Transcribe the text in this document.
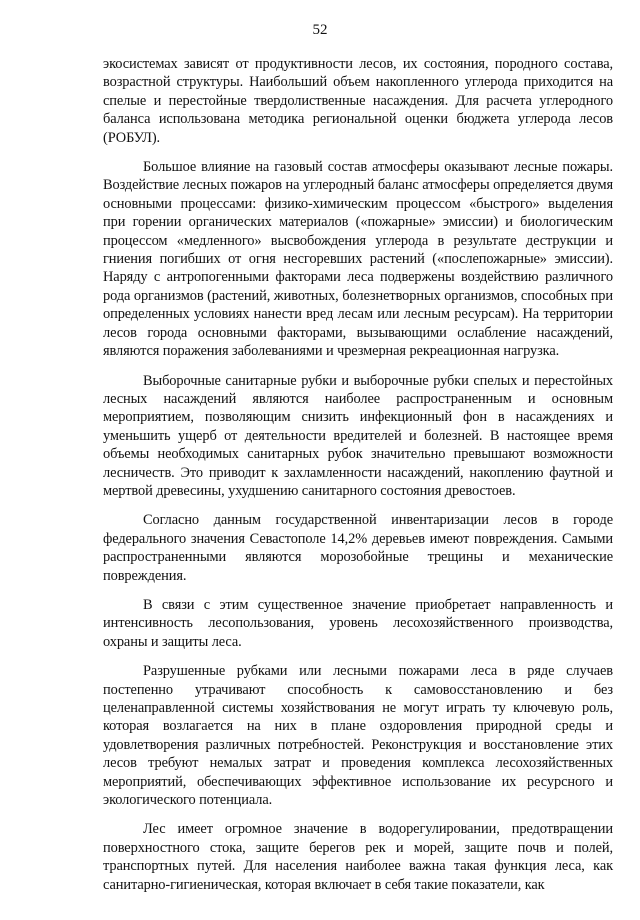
52

экосистемах зависят от продуктивности лесов, их состояния, породного состава, возрастной структуры. Наибольший объем накопленного углерода приходится на спелые и перестойные твердолиственные насаждения. Для расчета углеродного баланса использована методика региональной оценки бюджета углерода лесов (РОБУЛ).

Большое влияние на газовый состав атмосферы оказывают лесные пожары. Воздействие лесных пожаров на углеродный баланс атмосферы определяется двумя основными процессами: физико-химическим процессом «быстрого» выделения при горении органических материалов («пожарные» эмиссии) и биологическим процессом «медленного» высвобождения углерода в результате деструкции и гниения погибших от огня несгоревших растений («послепожарные» эмиссии). Наряду с антропогенными факторами леса подвержены воздействию различного рода организмов (растений, животных, болезнетворных организмов, способных при определенных условиях нанести вред лесам или лесным ресурсам). На территории лесов города основными факторами, вызывающими ослабление насаждений, являются поражения заболеваниями и чрезмерная рекреационная нагрузка.

Выборочные санитарные рубки и выборочные рубки спелых и перестойных лесных насаждений являются наиболее распространенным и основным мероприятием, позволяющим снизить инфекционный фон в насаждениях и уменьшить ущерб от деятельности вредителей и болезней. В настоящее время объемы необходимых санитарных рубок значительно превышают возможности лесничеств. Это приводит к захламленности насаждений, накоплению фаутной и мертвой древесины, ухудшению санитарного состояния древостоев.

Согласно данным государственной инвентаризации лесов в городе федерального значения Севастополе 14,2% деревьев имеют повреждения. Самыми распространенными являются морозобойные трещины и механические повреждения.

В связи с этим существенное значение приобретает направленность и интенсивность лесопользования, уровень лесохозяйственного производства, охраны и защиты леса.

Разрушенные рубками или лесными пожарами леса в ряде случаев постепенно утрачивают способность к самовосстановлению и без целенаправленной системы хозяйствования не могут играть ту ключевую роль, которая возлагается на них в плане оздоровления природной среды и удовлетворения различных потребностей. Реконструкция и восстановление этих лесов требуют немалых затрат и проведения комплекса лесохозяйственных мероприятий, обеспечивающих эффективное использование их ресурсного и экологического потенциала.

Лес имеет огромное значение в водорегулировании, предотвращении поверхностного стока, защите берегов рек и морей, защите почв и полей, транспортных путей. Для населения наиболее важна такая функция леса, как санитарно-гигиеническая, которая включает в себя такие показатели, как
